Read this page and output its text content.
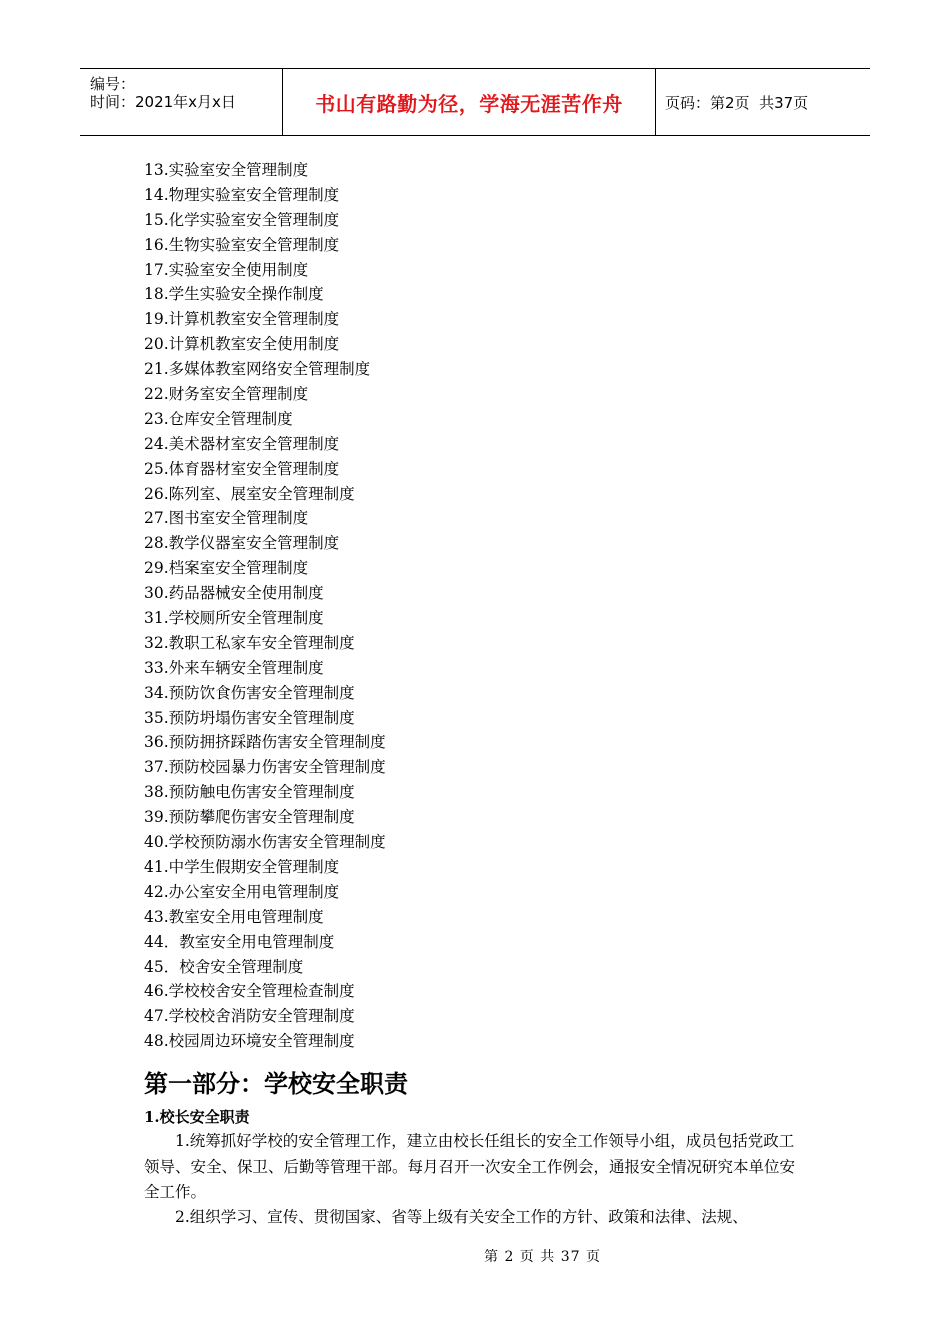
编号：
时间：2021年x月x日	书山有路勤为径，学海无涯苦作舟	页码：第2页  共37页
13.实验室安全管理制度
14.物理实验室安全管理制度
15.化学实验室安全管理制度
16.生物实验室安全管理制度
17.实验室安全使用制度
18.学生实验安全操作制度
19.计算机教室安全管理制度
20.计算机教室安全使用制度
21.多媒体教室网络安全管理制度
22.财务室安全管理制度
23.仓库安全管理制度
24.美术器材室安全管理制度
25.体育器材室安全管理制度
26.陈列室、展室安全管理制度
27.图书室安全管理制度
28.教学仪器室安全管理制度
29.档案室安全管理制度
30.药品器械安全使用制度
31.学校厕所安全管理制度
32.教职工私家车安全管理制度
33.外来车辆安全管理制度
34.预防饮食伤害安全管理制度
35.预防坍塌伤害安全管理制度
36.预防拥挤踩踏伤害安全管理制度
37.预防校园暴力伤害安全管理制度
38.预防触电伤害安全管理制度
39.预防攀爬伤害安全管理制度
40.学校预防溺水伤害安全管理制度
41.中学生假期安全管理制度
42.办公室安全用电管理制度
43.教室安全用电管理制度
44．教室安全用电管理制度
45．校舍安全管理制度
46.学校校舍安全管理检查制度
47.学校校舍消防安全管理制度
48.校园周边环境安全管理制度
第一部分：学校安全职责
1.校长安全职责

1.统筹抓好学校的安全管理工作，建立由校长任组长的安全工作领导小组，成员包括党政工领导、安全、保卫、后勤等管理干部。每月召开一次安全工作例会，通报安全情况研究本单位安全工作。

2.组织学习、宣传、贯彻国家、省等上级有关安全工作的方针、政策和法律、法规、

第 2 页 共 37 页
